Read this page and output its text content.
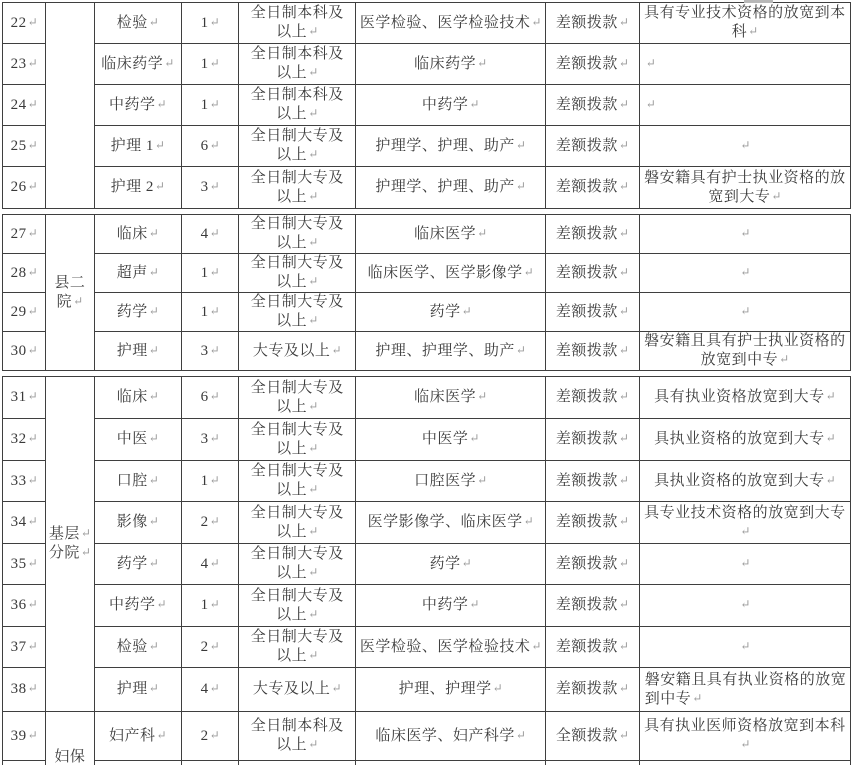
22↵		检验↵	1↵	全日制本科及
以上↵	医学检验、医学检验技术↵	差额拨款↵	具有专业技术资格的放宽到本
科↵
23↵		临床药学↵	1↵	全日制本科及
以上↵	临床药学↵	差额拨款↵	↵
24↵		中药学↵	1↵	全日制本科及
以上↵	中药学↵	差额拨款↵	↵
25↵		护理 1↵	6↵	全日制大专及
以上↵	护理学、护理、助产↵	差额拨款↵	↵
26↵		护理 2↵	3↵	全日制大专及
以上↵	护理学、护理、助产↵	差额拨款↵	磐安籍具有护士执业资格的放
宽到大专↵

27↵	县二
院↵	临床↵	4↵	全日制大专及
以上↵	临床医学↵	差额拨款↵	↵
28↵		超声↵	1↵	全日制大专及
以上↵	临床医学、医学影像学↵	差额拨款↵	↵
29↵		药学↵	1↵	全日制大专及
以上↵	药学↵	差额拨款↵	↵
30↵		护理↵	3↵	大专及以上↵	护理、护理学、助产↵	差额拨款↵	磐安籍且具有护士执业资格的
放宽到中专↵

31↵	基层↵
分院↵	临床↵	6↵	全日制大专及
以上↵	临床医学↵	差额拨款↵	具有执业资格放宽到大专↵
32↵		中医↵	3↵	全日制大专及
以上↵	中医学↵	差额拨款↵	具执业资格的放宽到大专↵
33↵		口腔↵	1↵	全日制大专及
以上↵	口腔医学↵	差额拨款↵	具执业资格的放宽到大专↵
34↵		影像↵	2↵	全日制大专及
以上↵	医学影像学、临床医学↵	差额拨款↵	具专业技术资格的放宽到大专↵
35↵		药学↵	4↵	全日制大专及
以上↵	药学↵	差额拨款↵	↵
36↵		中药学↵	1↵	全日制大专及
以上↵	中药学↵	差额拨款↵	↵
37↵		检验↵	2↵	全日制大专及
以上↵	医学检验、医学检验技术↵	差额拨款↵	↵
38↵		护理↵	4↵	大专及以上↵	护理、护理学↵	差额拨款↵	磐安籍且具有执业资格的放宽
到中专↵
39↵	妇保	妇产科↵	2↵	全日制本科及
以上↵	临床医学、妇产科学↵	全额拨款↵	具有执业医师资格放宽到本科↵
